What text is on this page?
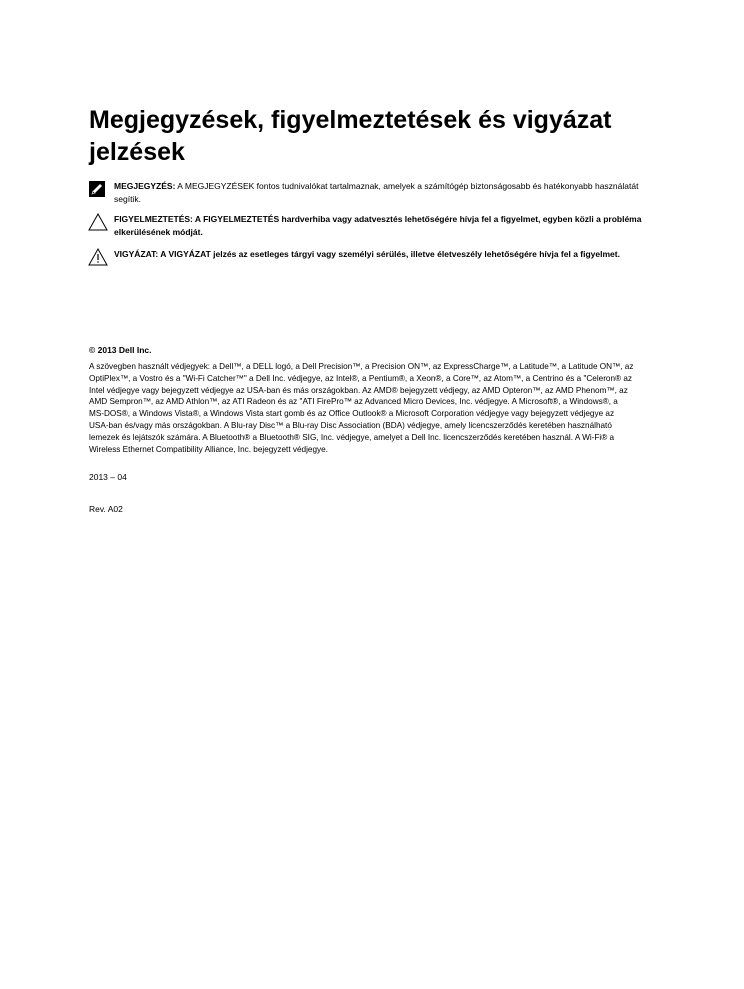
Megjegyzések, figyelmeztetések és vigyázat jelzések
MEGJEGYZÉS: A MEGJEGYZÉSEK fontos tudnivalókat tartalmaznak, amelyek a számítógép biztonságosabb és hatékonyabb használatát segítik.
FIGYELMEZTETÉS: A FIGYELMEZTETÉS hardverhiba vagy adatvesztés lehetőségére hívja fel a figyelmet, egyben közli a probléma elkerülésének módját.
VIGYÁZAT: A VIGYÁZAT jelzés az esetleges tárgyi vagy személyi sérülés, illetve életveszély lehetőségére hívja fel a figyelmet.

© 2013 Dell Inc.

A szövegben használt védjegyek: a Dell™, a DELL logó, a Dell Precision™, a Precision ON™, az ExpressCharge™, a Latitude™, a Latitude ON™, az OptiPlex™, a Vostro és a "Wi-Fi Catcher™" a Dell Inc. védjegye, az Intel®, a Pentium®, a Xeon®, a Core™, az Atom™, a Centrino és a "Celeron® az Intel védjegye vagy bejegyzett védjegye az USA-ban és más országokban. Az AMD® bejegyzett védjegy, az AMD Opteron™, az AMD Phenom™, az AMD Sempron™, az AMD Athlon™, az ATI Radeon és az "ATI FirePro™ az Advanced Micro Devices, Inc. védjegye. A Microsoft®, a Windows®, a MS-DOS®, a Windows Vista®, a Windows Vista start gomb és az Office Outlook® a Microsoft Corporation védjegye vagy bejegyzett védjegye az USA-ban és/vagy más országokban. A Blu-ray Disc™ a Blu-ray Disc Association (BDA) védjegye, amely licencszerződés keretében használható lemezek és lejátszók számára. A Bluetooth® a Bluetooth® SIG, Inc. védjegye, amelyet a Dell Inc. licencszerződés keretében használ. A Wi-Fi® a Wireless Ethernet Compatibility Alliance, Inc. bejegyzett védjegye.

2013 – 04

Rev. A02
